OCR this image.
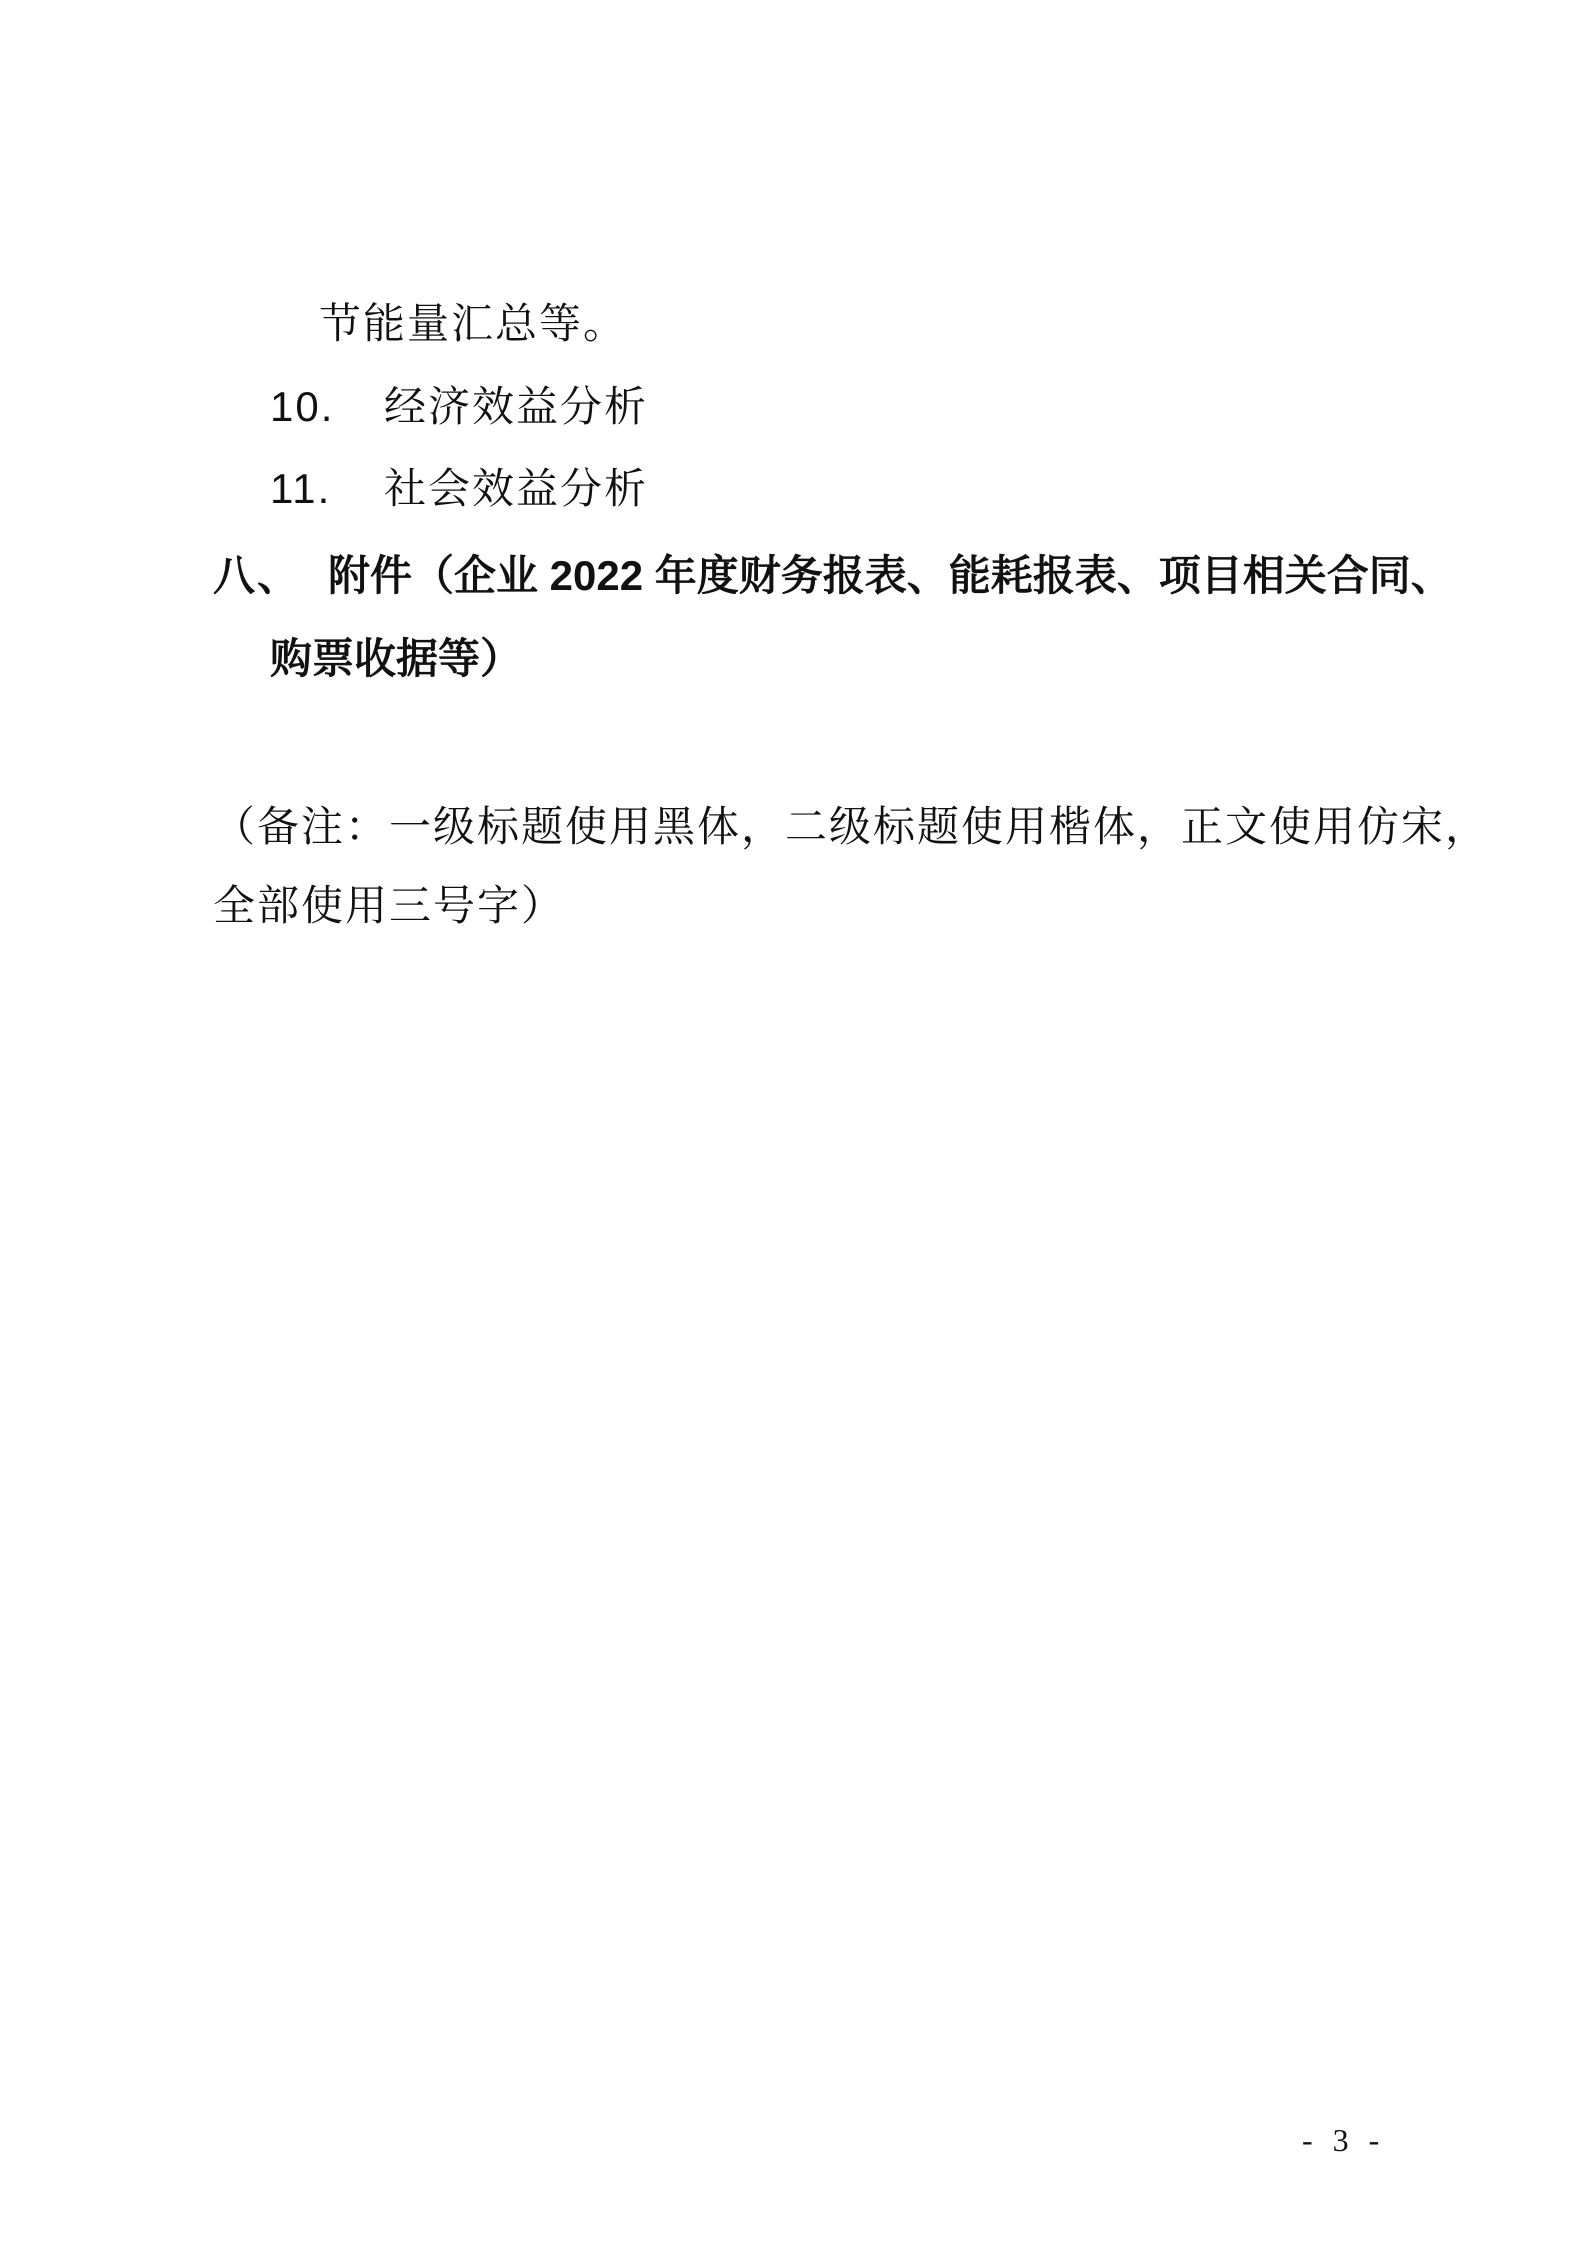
节能量汇总等。
10. 经济效益分析
11. 社会效益分析
八、 附件（企业 2022 年度财务报表、能耗报表、项目相关合同、
购票收据等）
（备注：一级标题使用黑体，二级标题使用楷体，正文使用仿宋，
全部使用三号字）
- 3 -
